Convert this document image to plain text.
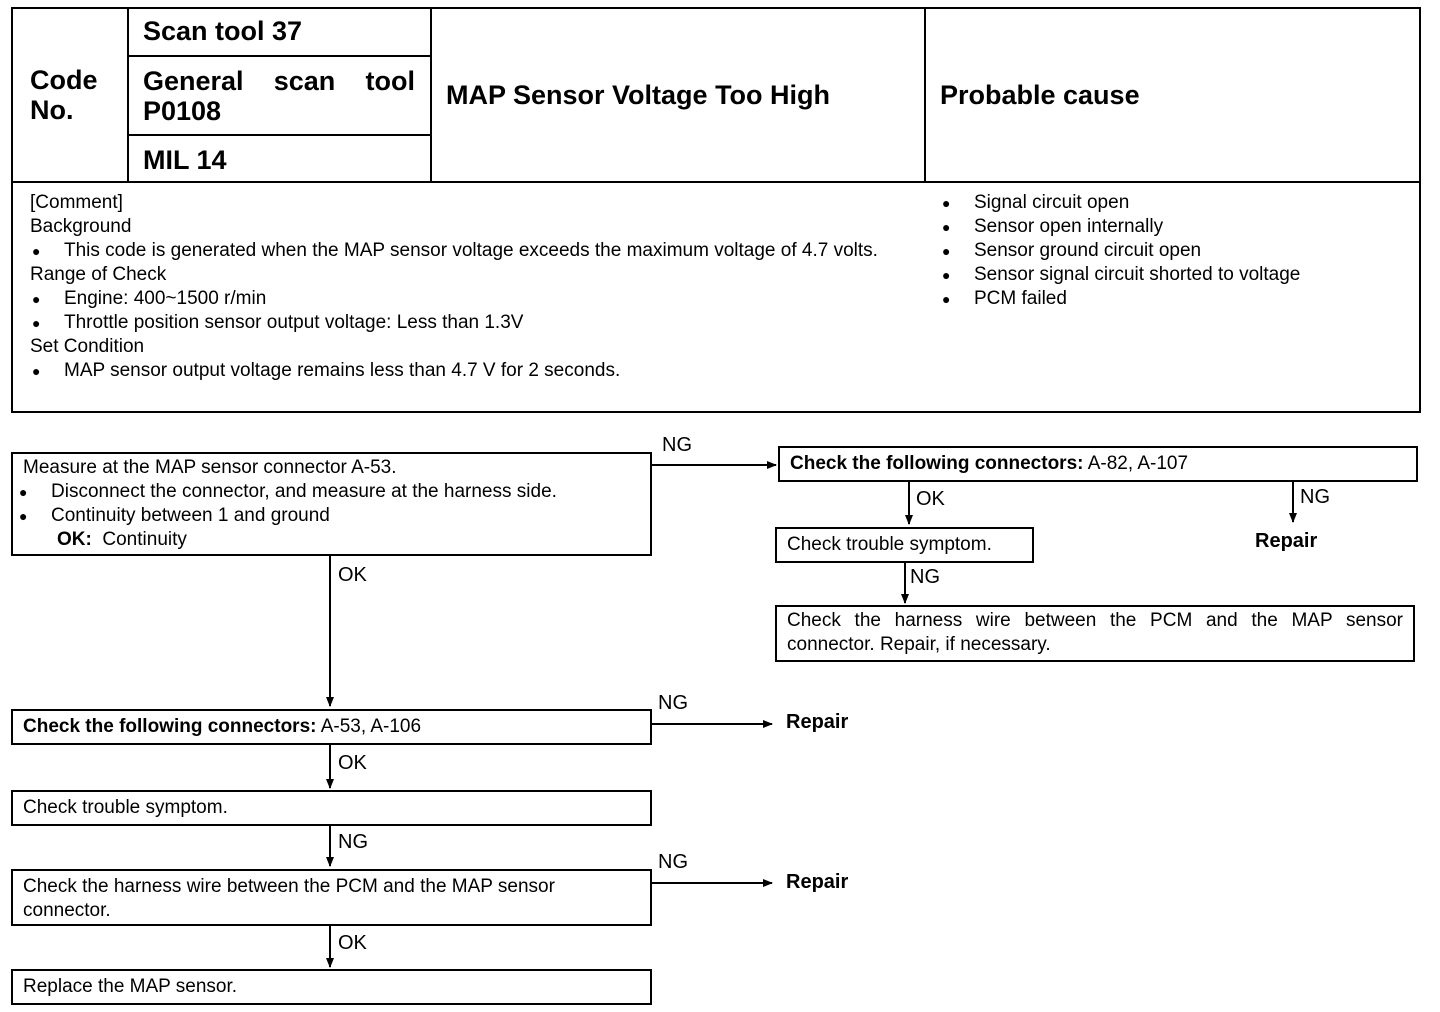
Code No.
Scan tool 37
General scan tool P0108
MIL 14
MAP Sensor Voltage Too High	Probable cause
[Comment]
Background
● This code is generated when the MAP sensor voltage exceeds the maximum voltage of 4.7 volts.
Range of Check
● Engine: 400~1500 r/min
● Throttle position sensor output voltage: Less than 1.3V
Set Condition
● MAP sensor output voltage remains less than 4.7 V for 2 seconds.
● Signal circuit open
● Sensor open internally
● Sensor ground circuit open
● Sensor signal circuit shorted to voltage
● PCM failed
Measure at the MAP sensor connector A-53.
● Disconnect the connector, and measure at the harness side.
● Continuity between 1 and ground
OK: Continuity
Check the following connectors: A-53, A-106
Check trouble symptom.
Check the harness wire between the PCM and the MAP sensor connector.
Replace the MAP sensor.
Check the following connectors: A-82, A-107
Check trouble symptom.
Check the harness wire between the PCM and the MAP sensor connector. Repair, if necessary.
NG
OK
OK	NG
Repair
NG
NG
Repair
OK
NG
NG
Repair
OK
